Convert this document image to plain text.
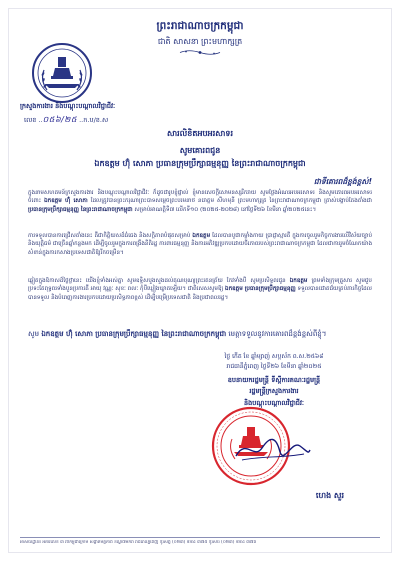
ព្រះរាជាណាចក្រកម្ពុជា
ជាតិ សាសនា ព្រះមហាក្សត្រ
ក្រសួងការងារ និងបណ្តុះបណ្តាលវិជ្ជាជីវៈ
លេខ ..០៥៦/២៥ ..ក.ប/ខ.ស
សារលិខិតអបអរសាទរ
សូមគោរពជូន
ឯកឧត្តម ហ៊ុំ សោភា ប្រធានក្រុមប្រឹក្សាធម្មនុញ្ញ នៃព្រះរាជាណាចក្រកម្ពុជា
ជាទីគោរពដ៏ខ្ពង់ខ្ពស់!
ក្នុងនាមសហគមន៍ក្រសួងការងារ និងបណ្តុះបណ្តាលវិជ្ជាជីវៈ ក៏ដូចជារូបខ្ញុំផ្ទាល់ ខ្ញុំមានសេចក្តីសោមនស្សរីករាយ សូមថ្លែងអំណរអបអរសាទរ និងសូមគោរពអបអរសាទរចំពោះ ឯកឧត្តម ហ៊ុំ សោភា ដែលត្រូវបានព្រះករុណាព្រះបាទសម្តេចព្រះបរមនាថ នរោត្តម សីហមុនី ព្រះមហាក្សត្រ នៃព្រះរាជាណាចក្រកម្ពុជា ត្រាស់បង្គាប់តែងតាំងជា ប្រធានក្រុមប្រឹក្សាធម្មនុញ្ញ នៃព្រះរាជាណាចក្រកម្ពុជា សម្រាប់អាណត្តិទី៧ លើកទី១០ (២០២៥-២០២៨) នៅថ្ងៃទី២៦ ខែមីនា ឆ្នាំ២០២៥នេះ។
ការទទួលបានការជ្រើសតាំងនេះ គឺជាកិត្តិយសដ៏ធំធេង និងសក្ដិភាពបំផុតសម្រាប់ ឯកឧត្តម ដែលបានបូជាកម្លាំងកាយ ប្រាជ្ញាស្មារតី ក្នុងការចូលរួមកិច្ចការងារលើវិស័យច្បាប់ និងយុត្តិធម៌ ជាច្រើនឆ្នាំកន្លងមក ដើម្បីចូលរួមក្នុងការពង្រឹងនីតិរដ្ឋ ការពារធម្មនុញ្ញ និងការអភិវឌ្ឍប្រកបដោយចីរភាពរបស់ព្រះរាជាណាចក្រកម្ពុជា ដែលជាការរួមចំណែកយ៉ាងសំខាន់ក្នុងការកសាងប្រទេសជាតិឱ្យរីកចម្រើន។
ឆ្លៀតក្នុងឱកាសដ៏ថ្លៃថ្លានេះ យើងខ្ញុំទាំងអស់គ្នា សូមឧទ្ទិសបួងសួងដល់គុណបុណ្យព្រះរតនត្រ័យ កែវទាំងបី សូមប្រសិទ្ធពរជូន ឯកឧត្តម ព្រមទាំងក្រុមគ្រួសារ សូមជួបប្រទះតែពុទ្ធពរទាំងបួនប្រការគឺ អាយុ វណ្ណៈ សុខៈ ពលៈ កុំបីឃ្លៀងឃ្លាតឡើយ។ ជាពិសេសសូមឱ្យ ឯកឧត្តម ប្រធានក្រុមប្រឹក្សាធម្មនុញ្ញ ទទួលបានជោគជ័យគ្រប់ភារកិច្ចដែលបានទទួល និងបំពេញការងារប្រកបដោយប្រសិទ្ធភាពខ្ពស់ ដើម្បីបម្រើប្រទេសជាតិ និងប្រជាពលរដ្ឋ។
សូម ឯកឧត្តម ហ៊ុំ សោភា ប្រធានក្រុមប្រឹក្សាធម្មនុញ្ញ នៃព្រះរាជាណាចក្រកម្ពុជា មេត្តាទទួលនូវការគោរពដ៏ខ្ពង់ខ្ពស់ពីខ្ញុំ។
ថ្ងៃ កើត ខែ ឆ្នាំម្សាញ់ សប្តស័ក ព.ស.២៥៦៨
រាជធានីភ្នំពេញ ថ្ងៃទី២៦ ខែមីនា ឆ្នាំ២០២៥
ឧបនាយករដ្ឋមន្ត្រី ទីស្តីការគណៈរដ្ឋមន្ត្រី
រដ្ឋមន្ត្រីក្រសួងការងារ
និងបណ្តុះបណ្តាលវិជ្ជាជីវៈ
ហេង សួរ
អាសយដ្ឋាន៖ អគារលេខ ៣ វិថីកម្ពុជាក្រោម សង្កាត់មិត្តភាព ខណ្ឌ៧មករា រាជធានីភ្នំពេញ ទូរស័ព្ទ (០២៣) ៨៨៤ ៣៧៥ ទូរសារ (០២៣) ៨៨៤ ៣៧៦
